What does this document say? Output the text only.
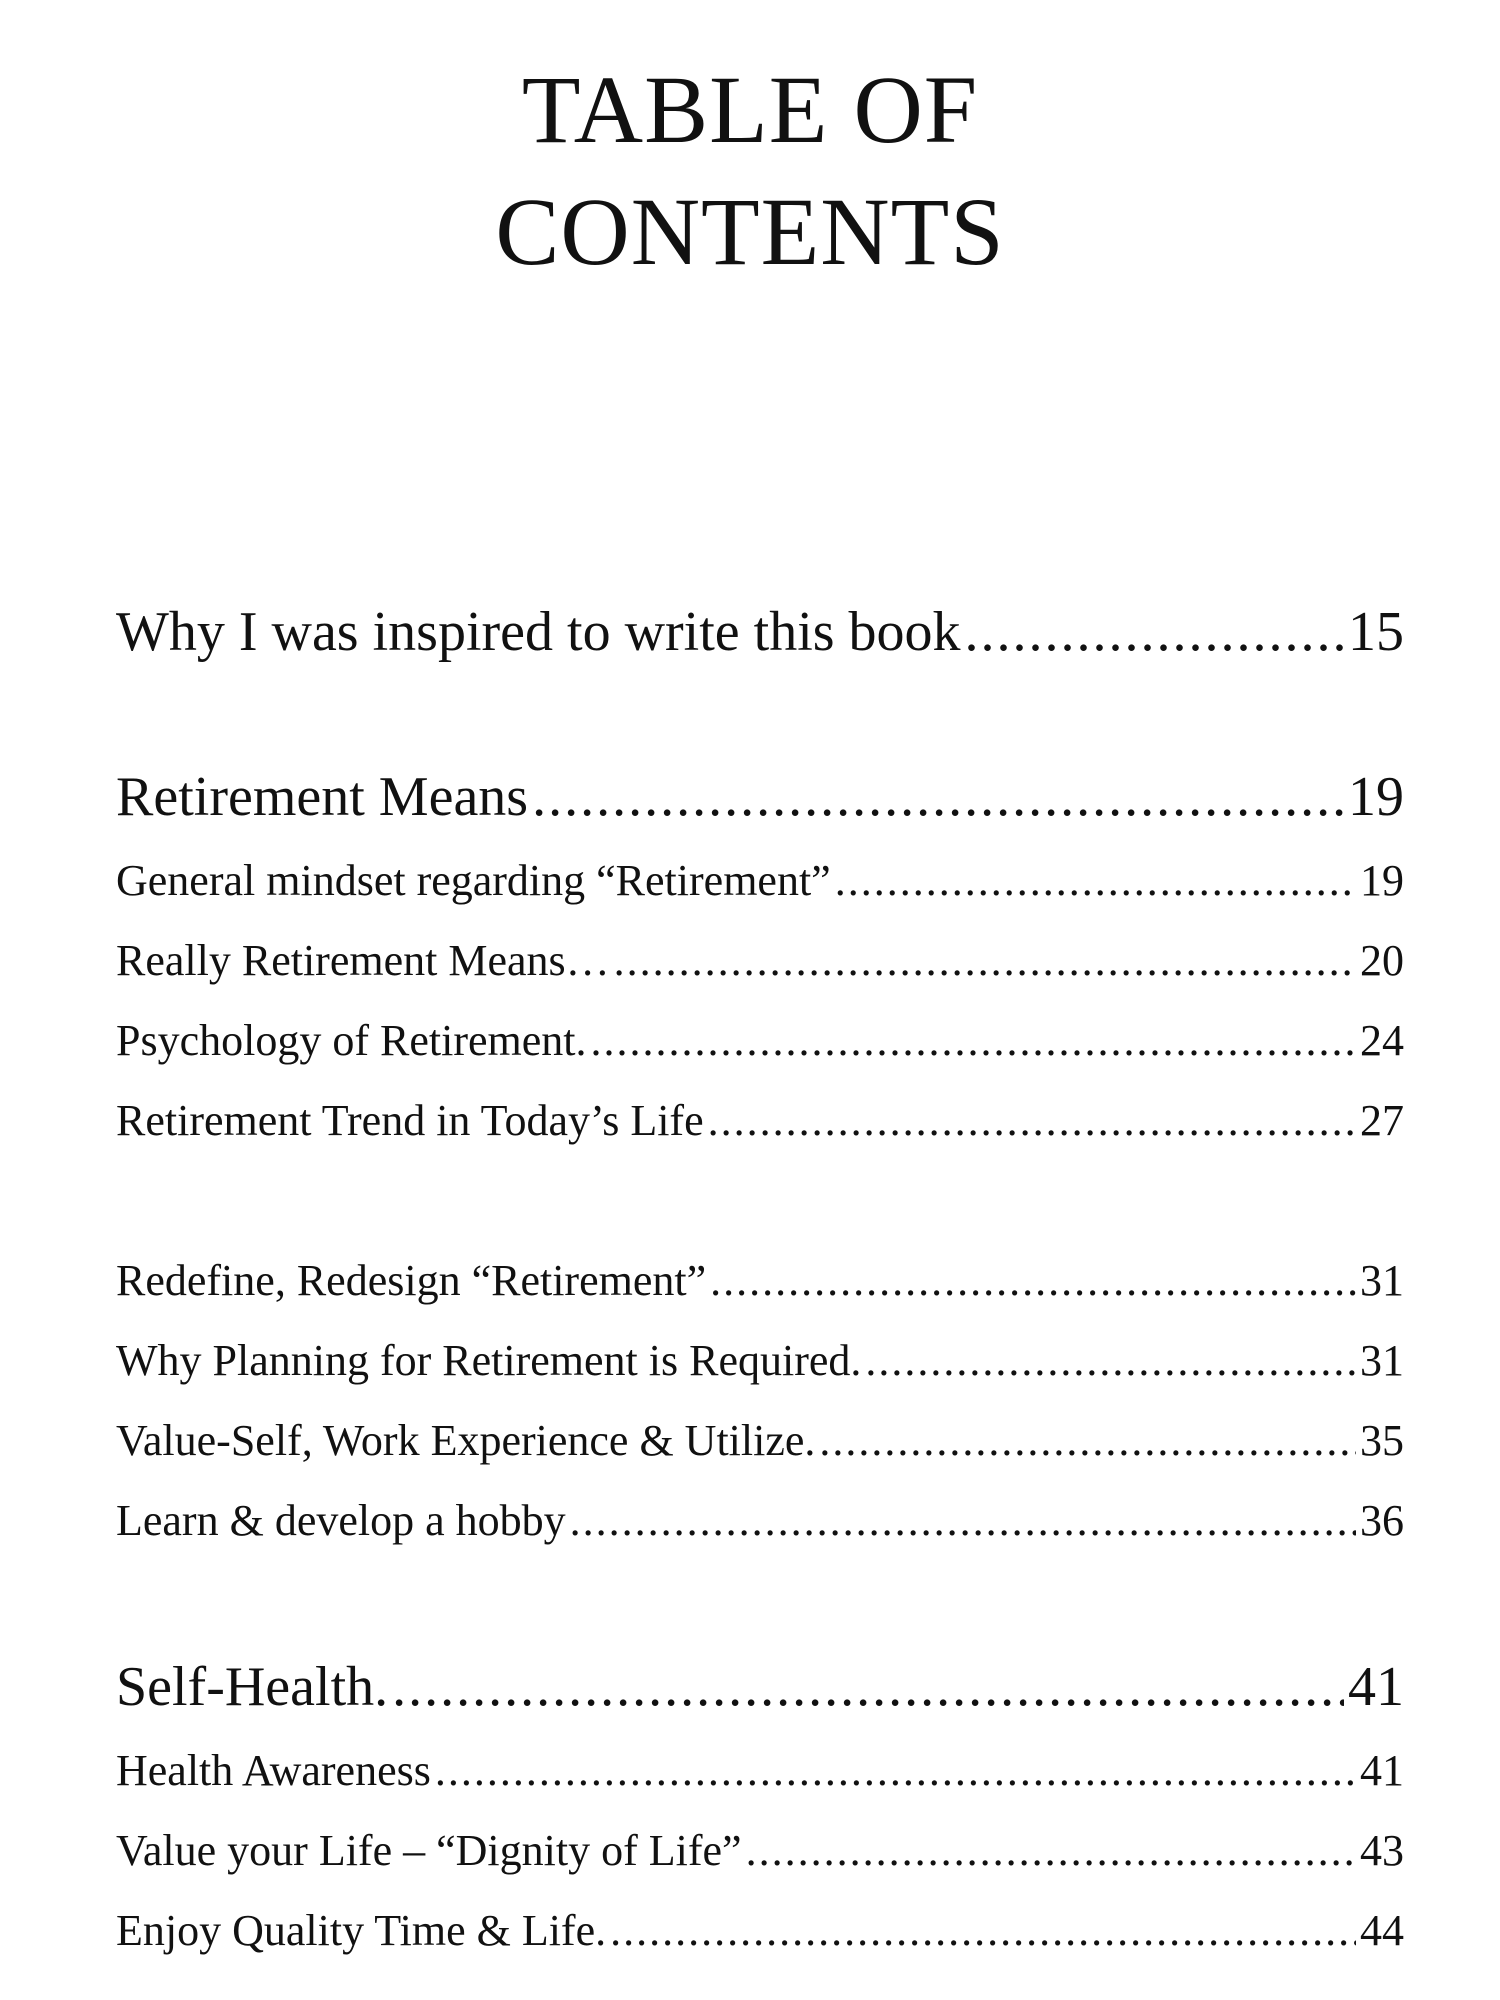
TABLE OF
CONTENTS
Why I was inspired to write this book .....	15
Retirement Means .....	19
General mindset regarding “Retirement” .....	19
Really Retirement Means… .....	20
Psychology of Retirement. .....	24
Retirement Trend in Today’s Life .....	27
Redefine, Redesign “Retirement” .....	31
Why Planning for Retirement is Required. .....	31
Value-Self, Work Experience & Utilize. .....	35
Learn & develop a hobby .....	36
Self-Health. .....	41
Health Awareness .....	41
Value your Life – “Dignity of Life” .....	43
Enjoy Quality Time & Life. .....	44
